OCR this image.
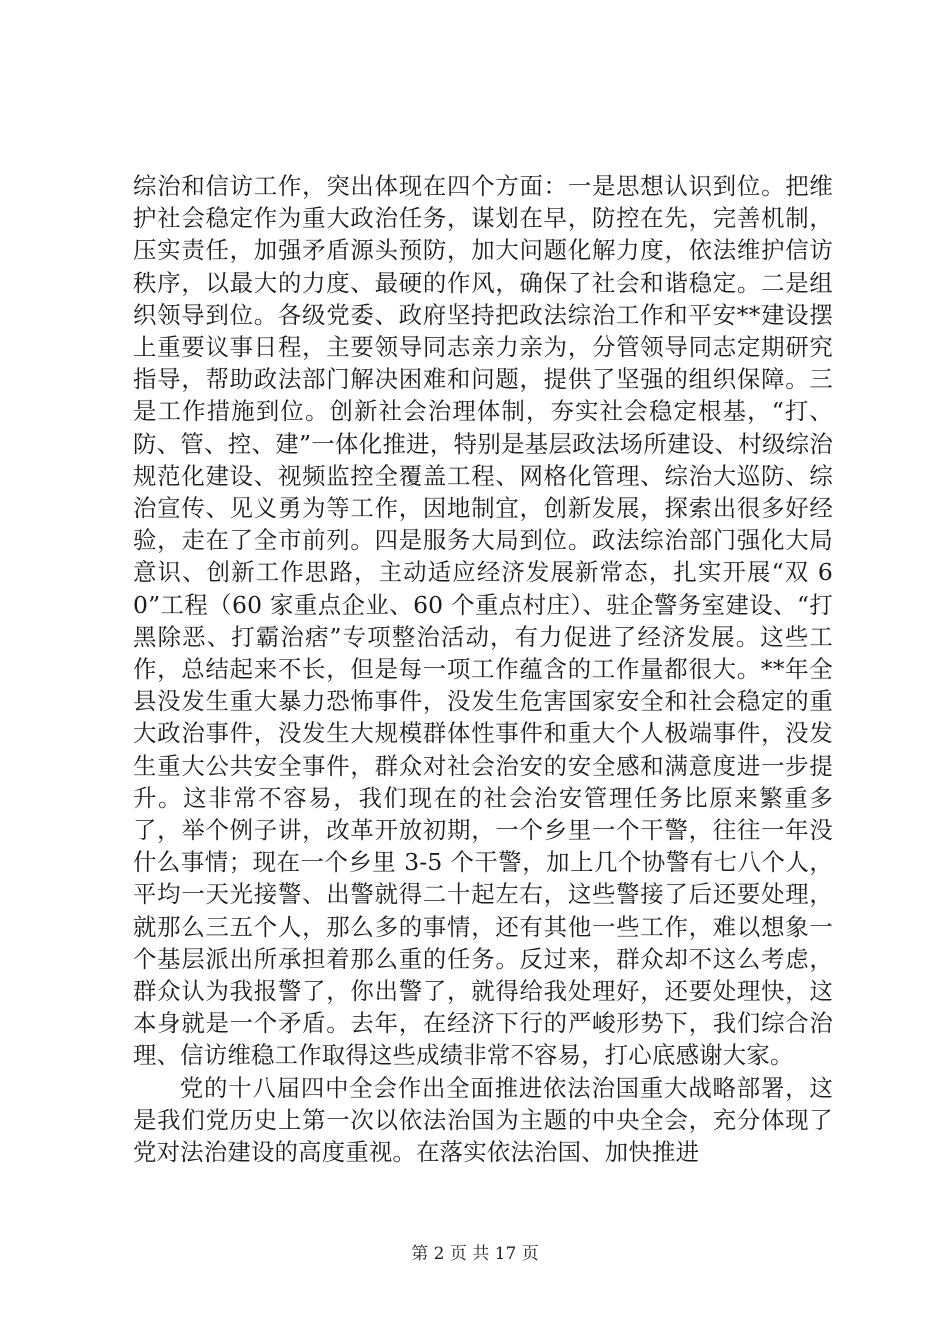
综治和信访工作，突出体现在四个方面：一是思想认识到位。把维护社会稳定作为重大政治任务，谋划在早，防控在先，完善机制，压实责任，加强矛盾源头预防，加大问题化解力度，依法维护信访秩序，以最大的力度、最硬的作风，确保了社会和谐稳定。二是组织领导到位。各级党委、政府坚持把政法综治工作和平安**建设摆上重要议事日程，主要领导同志亲力亲为，分管领导同志定期研究指导，帮助政法部门解决困难和问题，提供了坚强的组织保障。三是工作措施到位。创新社会治理体制，夯实社会稳定根基，“打、防、管、控、建”一体化推进，特别是基层政法场所建设、村级综治规范化建设、视频监控全覆盖工程、网格化管理、综治大巡防、综治宣传、见义勇为等工作，因地制宜，创新发展，探索出很多好经验，走在了全市前列。四是服务大局到位。政法综治部门强化大局意识、创新工作思路，主动适应经济发展新常态，扎实开展“双 60”工程（60 家重点企业、60 个重点村庄）、驻企警务室建设、“打黑除恶、打霸治痞”专项整治活动，有力促进了经济发展。这些工作，总结起来不长，但是每一项工作蕴含的工作量都很大。**年全县没发生重大暴力恐怖事件，没发生危害国家安全和社会稳定的重大政治事件，没发生大规模群体性事件和重大个人极端事件，没发生重大公共安全事件，群众对社会治安的安全感和满意度进一步提升。这非常不容易，我们现在的社会治安管理任务比原来繁重多了，举个例子讲，改革开放初期，一个乡里一个干警，往往一年没什么事情；现在一个乡里 3-5 个干警，加上几个协警有七八个人，平均一天光接警、出警就得二十起左右，这些警接了后还要处理，就那么三五个人，那么多的事情，还有其他一些工作，难以想象一个基层派出所承担着那么重的任务。反过来，群众却不这么考虑，群众认为我报警了，你出警了，就得给我处理好，还要处理快，这本身就是一个矛盾。去年，在经济下行的严峻形势下，我们综合治理、信访维稳工作取得这些成绩非常不容易，打心底感谢大家。

党的十八届四中全会作出全面推进依法治国重大战略部署，这是我们党历史上第一次以依法治国为主题的中央全会，充分体现了党对法治建设的高度重视。在落实依法治国、加快推进

第 2 页 共 17 页
